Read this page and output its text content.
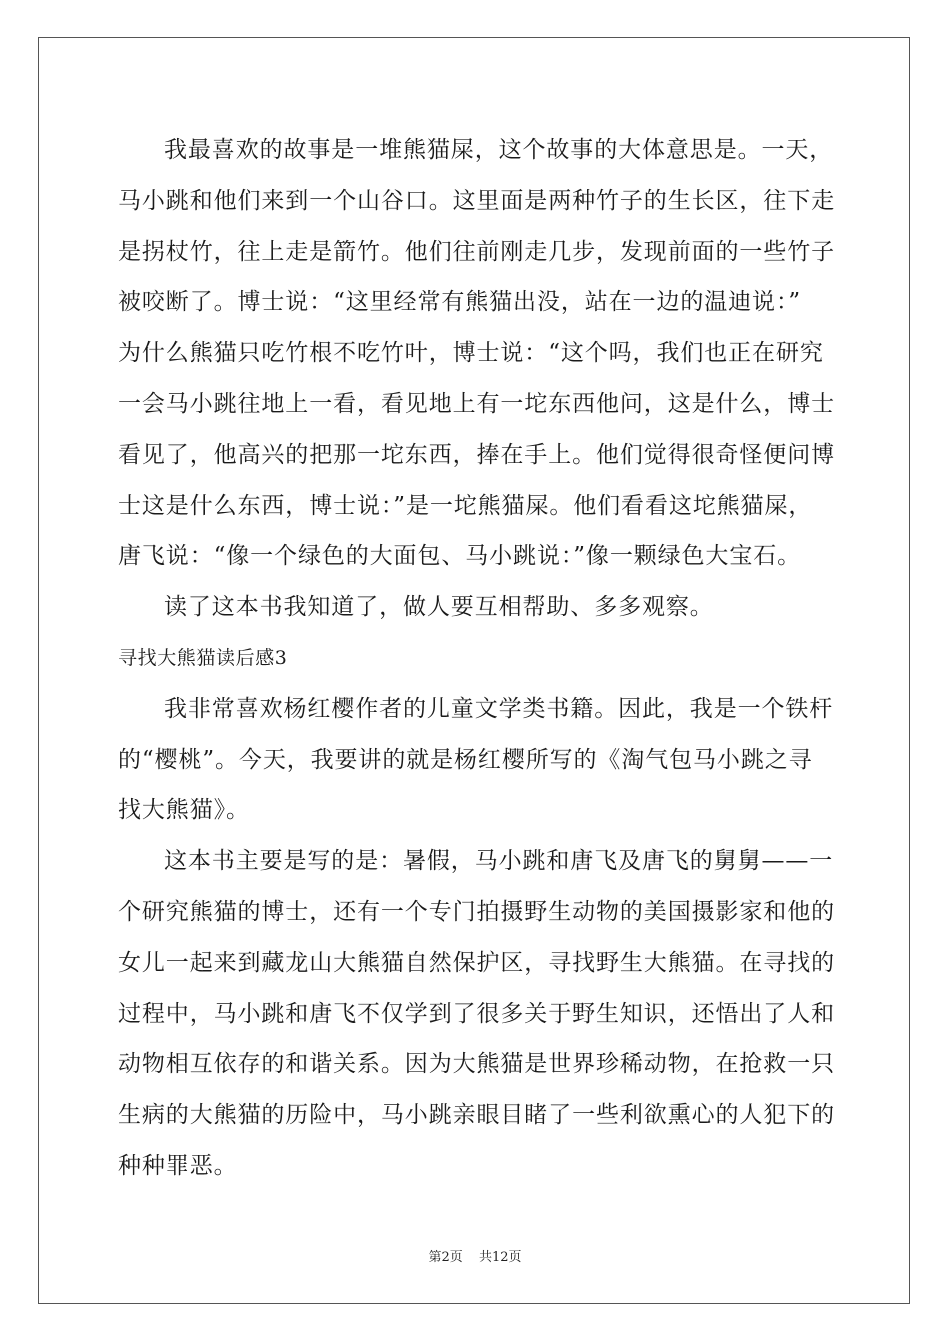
我最喜欢的故事是一堆熊猫屎，这个故事的大体意思是。一天，
马小跳和他们来到一个山谷口。这里面是两种竹子的生长区，往下走
是拐杖竹，往上走是箭竹。他们往前刚走几步，发现前面的一些竹子
被咬断了。博士说：“这里经常有熊猫出没，站在一边的温迪说：”
为什么熊猫只吃竹根不吃竹叶，博士说：“这个吗，我们也正在研究
一会马小跳往地上一看，看见地上有一坨东西他问，这是什么，博士
看见了，他高兴的把那一坨东西，捧在手上。他们觉得很奇怪便问博
士这是什么东西，博士说：”是一坨熊猫屎。他们看看这坨熊猫屎，
唐飞说：“像一个绿色的大面包、马小跳说：”像一颗绿色大宝石。
读了这本书我知道了，做人要互相帮助、多多观察。
寻找大熊猫读后感3
我非常喜欢杨红樱作者的儿童文学类书籍。因此，我是一个铁杆
的“樱桃”。今天，我要讲的就是杨红樱所写的《淘气包马小跳之寻
找大熊猫》。
这本书主要是写的是：暑假，马小跳和唐飞及唐飞的舅舅——一
个研究熊猫的博士，还有一个专门拍摄野生动物的美国摄影家和他的
女儿一起来到藏龙山大熊猫自然保护区，寻找野生大熊猫。在寻找的
过程中，马小跳和唐飞不仅学到了很多关于野生知识，还悟出了人和
动物相互依存的和谐关系。因为大熊猫是世界珍稀动物，在抢救一只
生病的大熊猫的历险中，马小跳亲眼目睹了一些利欲熏心的人犯下的
种种罪恶。
第2页 共12页
